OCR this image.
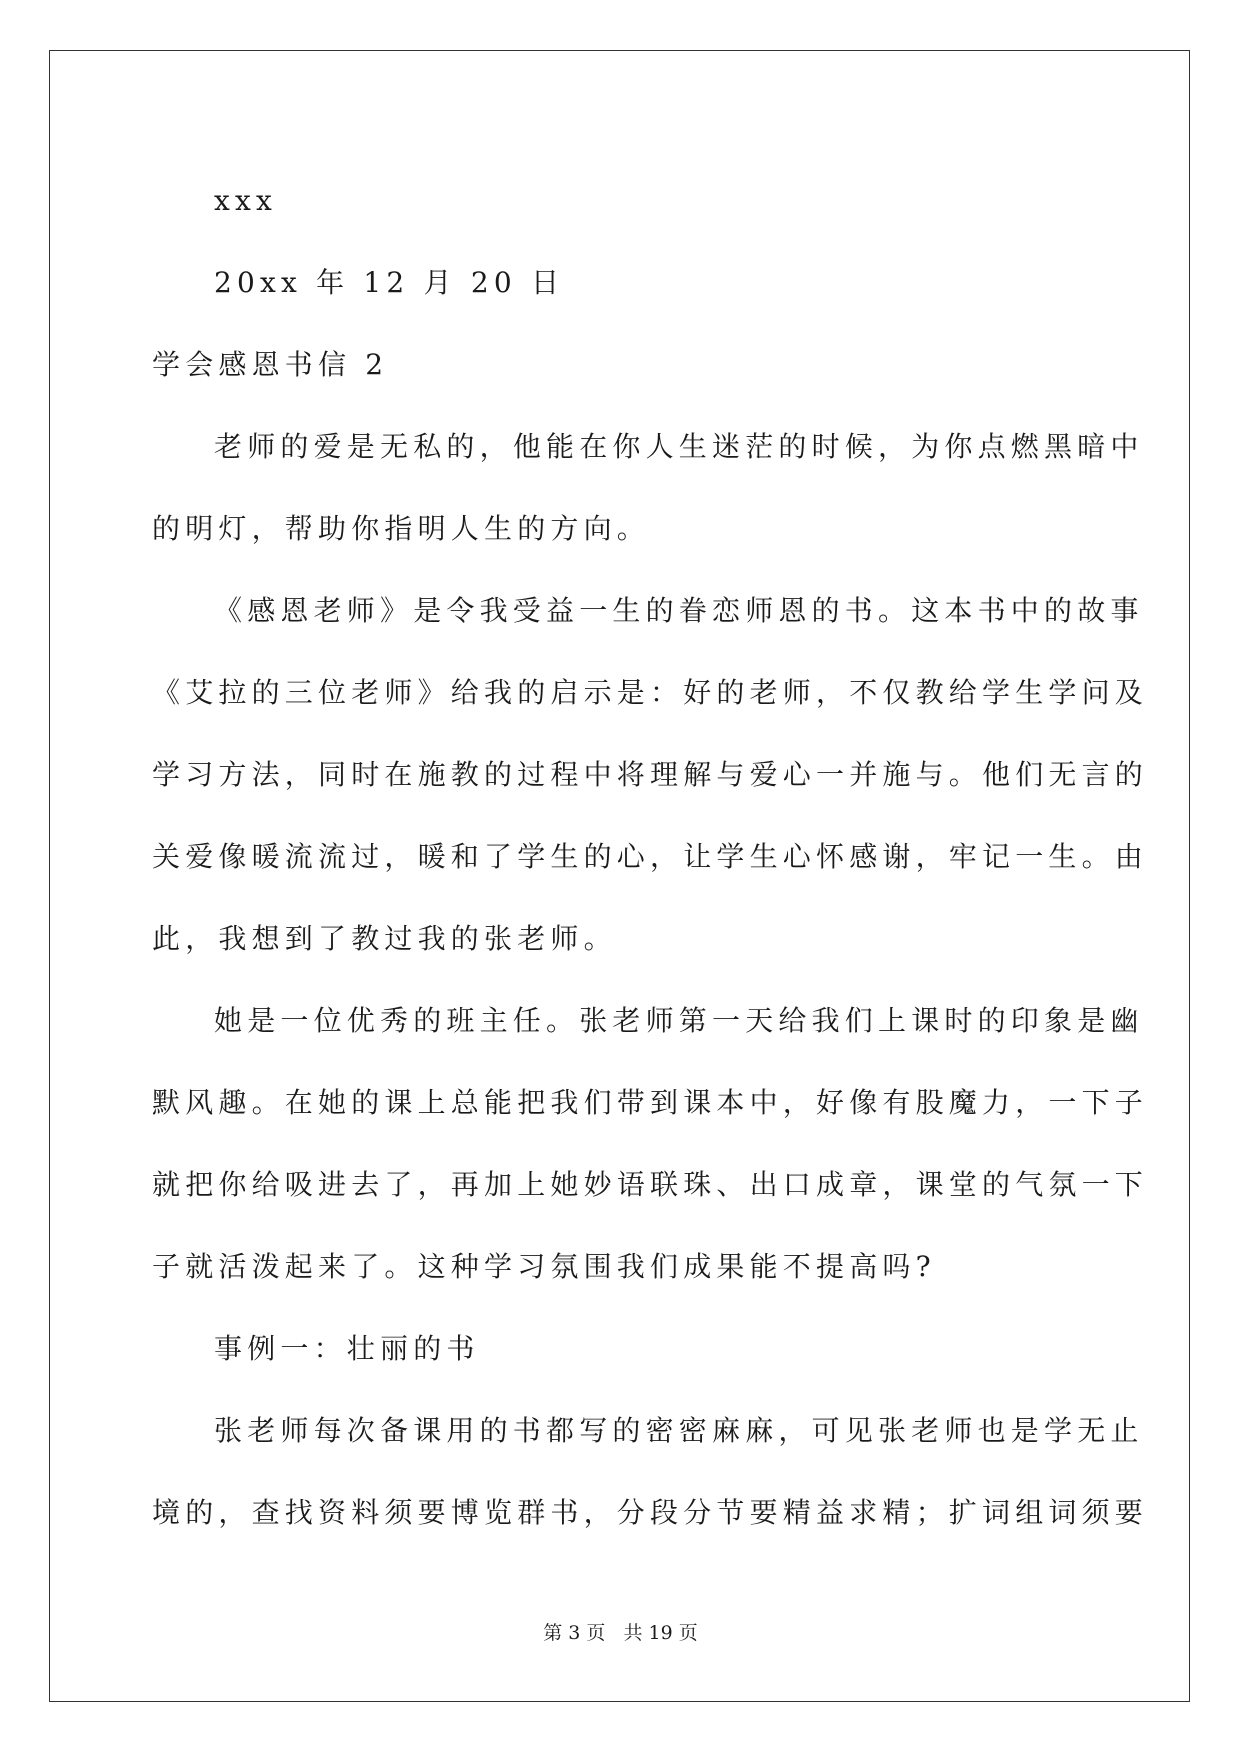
xxx

20xx 年 12 月 20 日

学会感恩书信 2

老师的爱是无私的，他能在你人生迷茫的时候，为你点燃黑暗中

的明灯，帮助你指明人生的方向。

《感恩老师》是令我受益一生的眷恋师恩的书。这本书中的故事

《艾拉的三位老师》给我的启示是：好的老师，不仅教给学生学问及

学习方法，同时在施教的过程中将理解与爱心一并施与。他们无言的

关爱像暖流流过，暖和了学生的心，让学生心怀感谢，牢记一生。由

此，我想到了教过我的张老师。

她是一位优秀的班主任。张老师第一天给我们上课时的印象是幽

默风趣。在她的课上总能把我们带到课本中，好像有股魔力，一下子

就把你给吸进去了，再加上她妙语联珠、出口成章，课堂的气氛一下

子就活泼起来了。这种学习氛围我们成果能不提高吗?

事例一：壮丽的书

张老师每次备课用的书都写的密密麻麻，可见张老师也是学无止

境的，查找资料须要博览群书，分段分节要精益求精；扩词组词须要

第 3 页 共 19 页
